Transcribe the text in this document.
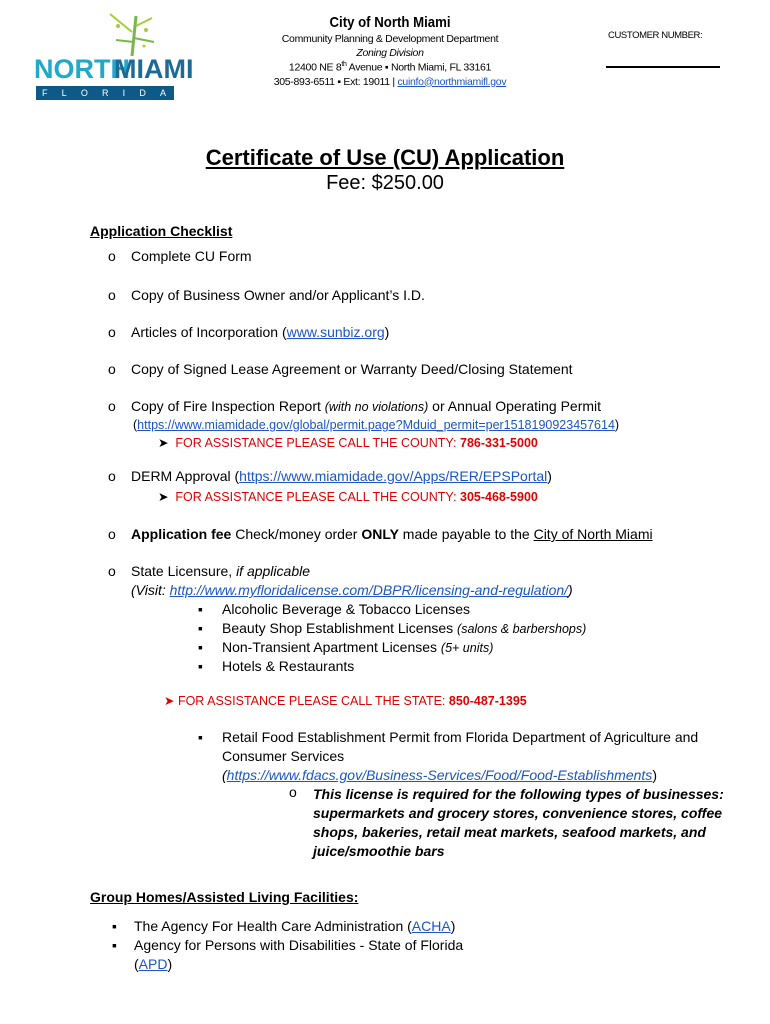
NORTH
MIAMI
F L O R I D A
City of North Miami
Community Planning & Development Department
Zoning Division
12400 NE 8th Avenue ▪ North Miami, FL 33161
305-893-6511 ▪ Ext: 19011 | cuinfo@northmiamifl.gov
CUSTOMER NUMBER:
Certificate of Use (CU) Application
Fee: $250.00
Application Checklist
o Complete CU Form
o Copy of Business Owner and/or Applicant’s I.D.
o Articles of Incorporation (www.sunbiz.org)
o Copy of Signed Lease Agreement or Warranty Deed/Closing Statement
o Copy of Fire Inspection Report (with no violations) or Annual Operating Permit
(https://www.miamidade.gov/global/permit.page?Mduid_permit=per1518190923457614)
➤  FOR ASSISTANCE PLEASE CALL THE COUNTY: 786-331-5000
o DERM Approval (https://www.miamidade.gov/Apps/RER/EPSPortal)
➤  FOR ASSISTANCE PLEASE CALL THE COUNTY: 305-468-5900
o Application fee Check/money order ONLY made payable to the City of North Miami
o State Licensure, if applicable
(Visit: http://www.myfloridalicense.com/DBPR/licensing-and-regulation/)
▪ Alcoholic Beverage & Tobacco Licenses
▪ Beauty Shop Establishment Licenses (salons & barbershops)
▪ Non-Transient Apartment Licenses (5+ units)
▪ Hotels & Restaurants
➤ FOR ASSISTANCE PLEASE CALL THE STATE: 850-487-1395
▪	Retail Food Establishment Permit from Florida Department of Agriculture and Consumer Services
(https://www.fdacs.gov/Business-Services/Food/Food-Establishments)
o This license is required for the following types of businesses: supermarkets and grocery stores, convenience stores, coffee shops, bakeries, retail meat markets, seafood markets, and juice/smoothie bars
Group Homes/Assisted Living Facilities:
▪ The Agency For Health Care Administration (ACHA)
▪ Agency for Persons with Disabilities - State of Florida
(APD)
